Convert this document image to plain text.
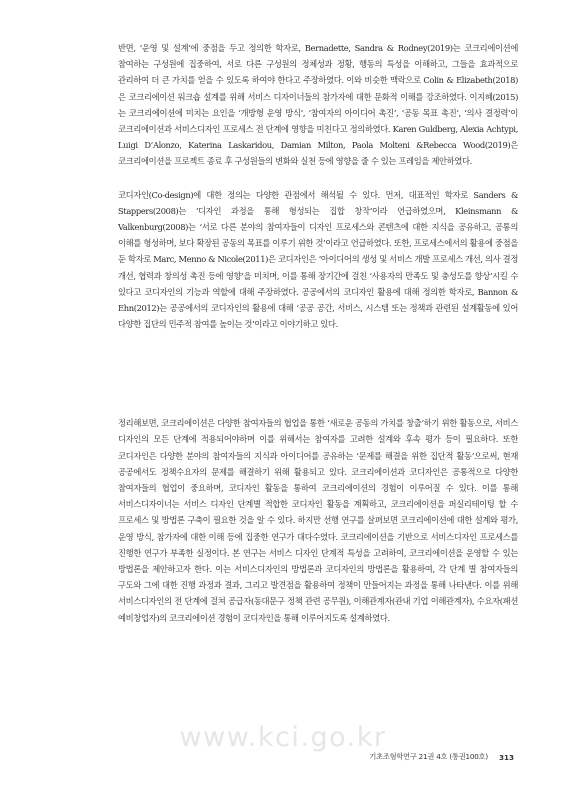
반면, ‘운영 및 설계’에 중점을 두고 정의한 학자로, Bernadette, Sandra & Rodney(2019)는 코크리에이션에 참여하는 구성원에 집중하여, 서로 다른 구성원의 정체성과 정황, 행동의 특성을 이해하고, 그들을 효과적으로 관리하여 더 큰 가치를 얻을 수 있도록 하여야 한다고 주장하였다. 이와 비슷한 맥락으로 Colin & Elizabeth(2018)은 코크리에이션 워크숍 설계를 위해 서비스 디자이너들의 참가자에 대한 문화적 이해를 강조하였다. 이지혜(2015)는 코크리에이션에 미치는 요인을 ‘개방형 운영 방식’, ‘참여자의 아이디어 촉진’, ‘공동 목표 촉진’, ‘의사 결정력’이 코크리에이션과 서비스디자인 프로세스 전 단계에 영향을 미친다고 정의하였다. Karen Guldberg, Alexia Achtypi, Luigi D’Alonzo, Katerina Laskaridou, Damian Milton, Paola Molteni &Rebecca Wood(2019)은 코크리에이션을 프로젝트 종료 후 구성원들의 변화와 실천 등에 영향을 줄 수 있는 프레임을 제안하였다.

코디자인(Co-design)에 대한 정의는 다양한 관점에서 해석될 수 있다. 먼저, 대표적인 학자로 Sanders & Stappers(2008)는 ‘디자인 과정을 통해 형성되는 집합 창작’이라 언급하였으며, Kleinsmann & Valkenburg(2008)는 ‘서로 다른 분야의 참여자들이 디자인 프로세스와 콘텐츠에 대한 지식을 공유하고, 공통의 이해를 형성하며, 보다 확장된 공동의 목표를 이루기 위한 것’이라고 언급하였다. 또한, 프로세스에서의 활용에 중점을 둔 학자로 Marc, Menno & Nicole(2011)은 코디자인은 ‘아이디어의 생성 및 서비스 개발 프로세스 개선, 의사 결정 개선, 협력과 창의성 촉진 등에 영향’을 미치며, 이를 통해 장기간에 걸친 ‘사용자의 만족도 및 충성도를 향상’시킬 수 있다고 코디자인의 기능과 역할에 대해 주장하였다. 공공에서의 코디자인 활용에 대해 정의한 학자로, Bannon & Ehn(2012)는 공공에서의 코디자인의 활용에 대해 ‘공공 공간, 서비스, 시스템 또는 정책과 관련된 설계활동에 있어 다양한 집단의 민주적 참여를 높이는 것’이라고 이야기하고 있다.

정리해보면, 코크리에이션은 다양한 참여자들의 협업을 통한 ‘새로운 공동의 가치를 창출’하기 위한 활동으로, 서비스 디자인의 모든 단계에 적용되어야하며 이를 위해서는 참여자를 고려한 설계와 후속 평가 등이 필요하다. 또한 코디자인은 다양한 분야의 참여자들의 지식과 아이디어를 공유하는 ‘문제를 해결을 위한 집단적 활동’으로써, 현재 공공에서도 정책수요자의 문제를 해결하기 위해 활용되고 있다. 코크리에이션과 코디자인은 공통적으로 다양한 참여자들의 협업이 중요하며, 코디자인 활동을 통하여 코크리에이션의 경험이 이루어질 수 있다. 이를 통해 서비스디자이너는 서비스 디자인 단계별 적합한 코디자인 활동을 계획하고, 코크리에이션을 퍼실리테이팅 할 수 프로세스 및 방법론 구축이 필요한 것을 알 수 있다. 하지만 선행 연구를 살펴보면 코크리에이션에 대한 설계와 평가, 운영 방식, 참가자에 대한 이해 등에 집중한 연구가 대다수였다. 코크리에이션을 기반으로 서비스디자인 프로세스를 진행한 연구가 부족한 실정이다. 본 연구는 서비스 디자인 단계적 특성을 고려하여, 코크리에이션을 운영할 수 있는 방법론을 제안하고자 한다. 이는 서비스디자인의 방법론과 코디자인의 방법론을 활용하여, 각 단계 별 참여자들의 구도와 그에 대한 진행 과정과 결과, 그리고 발견점을 활용하여 정책이 만들어지는 과정을 통해 나타낸다. 이를 위해 서비스디자인의 전 단계에 걸쳐 공급자(동대문구 정책 관련 공무원), 이해관계자(관내 기업 이해관계자), 수요자(패션 예비창업자)의 코크리에이션 경험이 코디자인을 통해 이루어지도록 설계하였다.

www.kci.go.kr
기초조형학연구 21권 4호 (통권100호) 313
